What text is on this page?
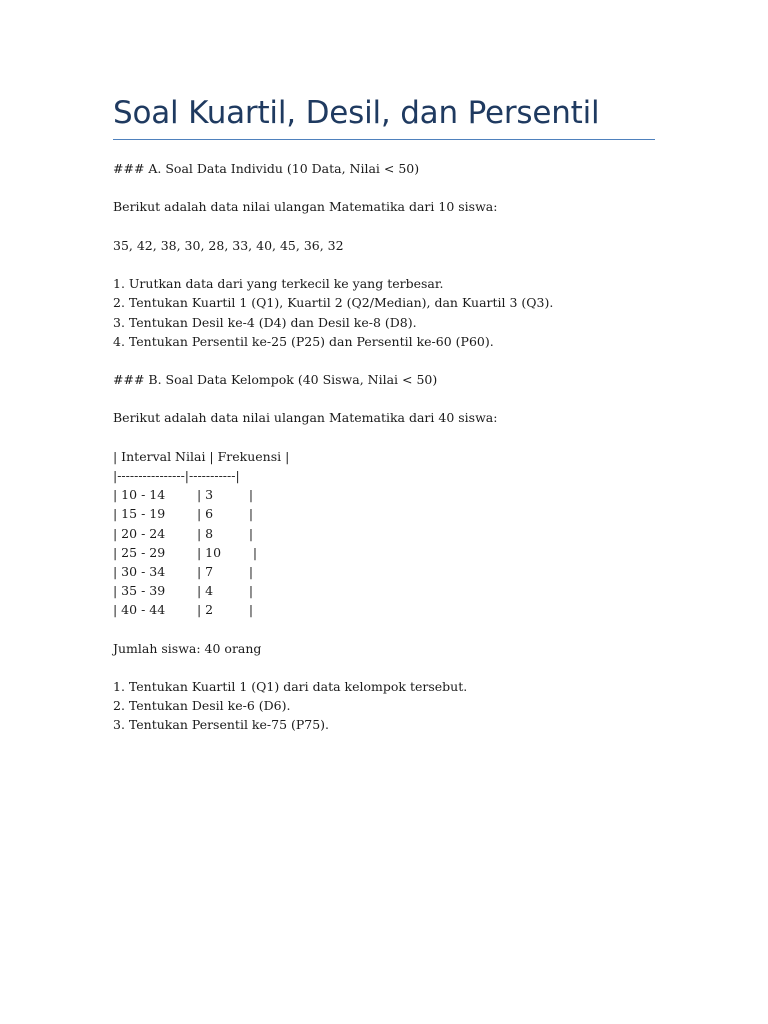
Soal Kuartil, Desil, dan Persentil
### A. Soal Data Individu (10 Data, Nilai < 50)
Berikut adalah data nilai ulangan Matematika dari 10 siswa:
35, 42, 38, 30, 28, 33, 40, 45, 36, 32
1. Urutkan data dari yang terkecil ke yang terbesar.
2. Tentukan Kuartil 1 (Q1), Kuartil 2 (Q2/Median), dan Kuartil 3 (Q3).
3. Tentukan Desil ke-4 (D4) dan Desil ke-8 (D8).
4. Tentukan Persentil ke-25 (P25) dan Persentil ke-60 (P60).
### B. Soal Data Kelompok (40 Siswa, Nilai < 50)
Berikut adalah data nilai ulangan Matematika dari 40 siswa:
| Interval Nilai | Frekuensi |
|----------------|-----------|
| 10 - 14        | 3         |
| 15 - 19        | 6         |
| 20 - 24        | 8         |
| 25 - 29        | 10        |
| 30 - 34        | 7         |
| 35 - 39        | 4         |
| 40 - 44        | 2         |
Jumlah siswa: 40 orang
1. Tentukan Kuartil 1 (Q1) dari data kelompok tersebut.
2. Tentukan Desil ke-6 (D6).
3. Tentukan Persentil ke-75 (P75).
